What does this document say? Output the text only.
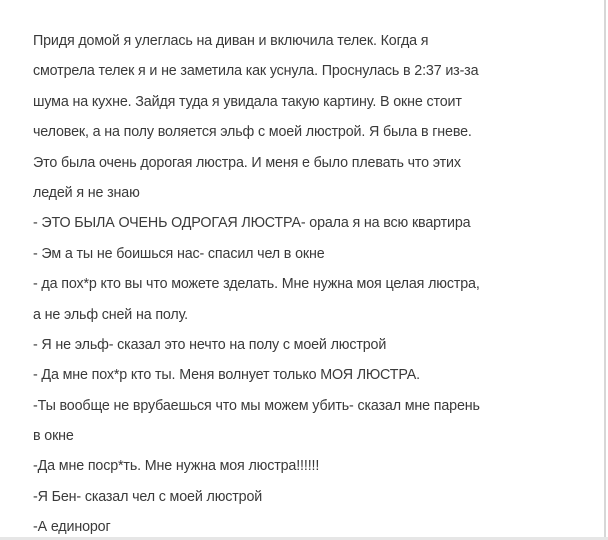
Придя домой я улеглась на диван и включила телек. Когда я
смотрела телек я и не заметила как уснула. Проснулась в 2:37 из-за
шума на кухне. Зайдя туда я увидала такую картину. В окне стоит
человек, а на полу воляется эльф с моей люстрой. Я была в гневе.
Это была очень дорогая люстра. И меня е было плевать что этих
ледей я не знаю
- ЭТО БЫЛА ОЧЕНЬ ОДРОГАЯ ЛЮСТРА- орала я на всю квартира
- Эм а ты не боишься нас- спасил чел в окне
- да пох*р кто вы что можете зделать. Мне нужна моя целая люстра,
а не эльф сней на полу.
- Я не эльф- сказал это нечто на полу с моей люстрой
- Да мне пох*р кто ты. Меня волнует только МОЯ ЛЮСТРА.
-Ты вообще не врубаешься что мы можем убить- сказал мне парень
в окне
-Да мне поср*ть. Мне нужна моя люстра!!!!!!
-Я Бен- сказал чел с моей люстрой
-А единорог
